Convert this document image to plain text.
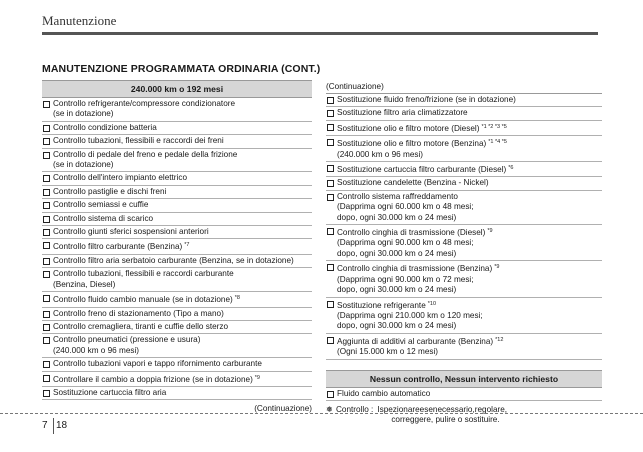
Manutenzione
MANUTENZIONE PROGRAMMATA ORDINARIA (CONT.)
240.000 km o 192 mesi
Controllo refrigerante/compressore condizionatore
(se in dotazione)
Controllo condizione batteria
Controllo tubazioni, flessibili e raccordi dei freni
Controllo di pedale del freno e pedale della frizione
(se in dotazione)
Controllo dell'intero impianto elettrico
Controllo pastiglie e dischi freni
Controllo semiassi e cuffie
Controllo sistema di scarico
Controllo giunti sferici sospensioni anteriori
Controllo filtro carburante (Benzina) $^{*7}$
Controllo filtro aria serbatoio carburante (Benzina, se in dotazione)
Controllo tubazioni, flessibili e raccordi carburante
(Benzina, Diesel)
Controllo fluido cambio manuale (se in dotazione) $^{*8}$
Controllo freno di stazionamento (Tipo a mano)
Controllo cremagliera, tiranti e cuffie dello sterzo
Controllo pneumatici (pressione e usura)
(240.000 km o 96 mesi)
Controllo tubazioni vapori e tappo rifornimento carburante
Controllare il cambio a doppia frizione (se in dotazione) $^{*9}$
Sostituzione cartuccia filtro aria
(Continuazione)
(Continuazione)
Sostituzione fluido freno/frizione (se in dotazione)
Sostituzione filtro aria climatizzatore
Sostituzione olio e filtro motore (Diesel) $^{*1 *2 *3 *5}$
Sostituzione olio e filtro motore (Benzina) $^{*1 *4 *5}$
(240.000 km o 96 mesi)
Sostituzione cartuccia filtro carburante (Diesel) $^{*6}$
Sostituzione candelette (Benzina - Nickel)
Controllo sistema raffreddamento
(Dapprima ogni 60.000 km o 48 mesi;
dopo, ogni 30.000 km o 24 mesi)
Controllo cinghia di trasmissione (Diesel) $^{*9}$
(Dapprima ogni 90.000 km o 48 mesi;
dopo, ogni 30.000 km o 24 mesi)
Controllo cinghia di trasmissione (Benzina) $^{*9}$
(Dapprima ogni 90.000 km o 72 mesi;
dopo, ogni 30.000 km o 24 mesi)
Sostituzione refrigerante $^{*10}$
(Dapprima ogni 210.000 km o 120 mesi;
dopo, ogni 30.000 km o 24 mesi)
Aggiunta di additivi al carburante (Benzina) $^{*12}$
(Ogni 15.000 km o 12 mesi)
Nessun controllo, Nessun intervento richiesto
Fluido cambio automatico
❅ Controllo : Ispezionare e se necessario, regolare,
correggere, pulire o sostituire.
7 18
